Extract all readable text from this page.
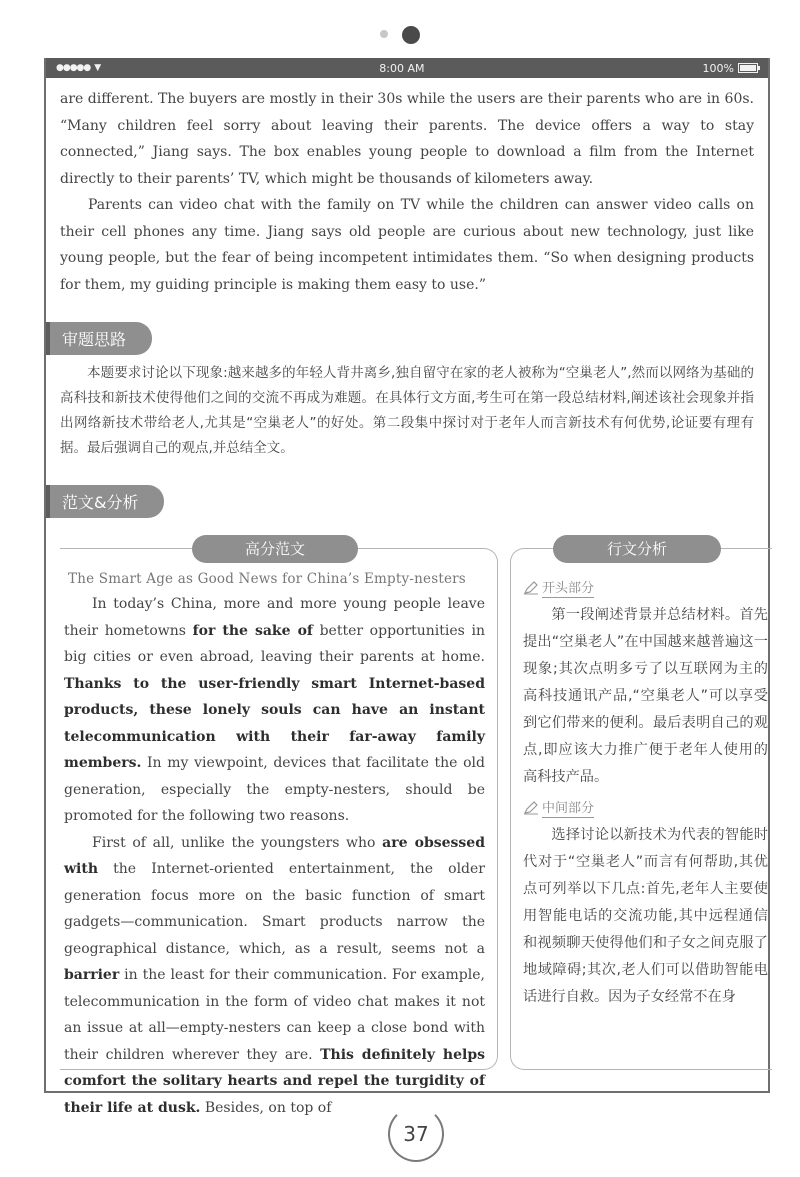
●●●●● ▼	8:00 AM	100%

are different. The buyers are mostly in their 30s while the users are their parents who are in 60s. “Many children feel sorry about leaving their parents. The device offers a way to stay connected,” Jiang says. The box enables young people to download a film from the Internet directly to their parents’ TV, which might be thousands of kilometers away.

Parents can video chat with the family on TV while the children can answer video calls on their cell phones any time. Jiang says old people are curious about new technology, just like young people, but the fear of being incompetent intimidates them. “So when designing products for them, my guiding principle is making them easy to use.”

审题思路

本题要求讨论以下现象:越来越多的年轻人背井离乡,独自留守在家的老人被称为“空巢老人”,然而以网络为基础的高科技和新技术使得他们之间的交流不再成为难题。在具体行文方面,考生可在第一段总结材料,阐述该社会现象并指出网络新技术带给老人,尤其是“空巢老人”的好处。第二段集中探讨对于老年人而言新技术有何优势,论证要有理有据。最后强调自己的观点,并总结全文。

范文&分析
高分范文
The Smart Age as Good News for China’s Empty-nesters

In today’s China, more and more young people leave their hometowns for the sake of better opportunities in big cities or even abroad, leaving their parents at home. Thanks to the user-friendly smart Internet-based products, these lonely souls can have an instant telecommunication with their far-away family members. In my viewpoint, devices that facilitate the old generation, especially the empty-nesters, should be promoted for the following two reasons.

First of all, unlike the youngsters who are obsessed with the Internet-oriented entertainment, the older generation focus more on the basic function of smart gadgets—communication. Smart products narrow the geographical distance, which, as a result, seems not a barrier in the least for their communication. For example, telecommunication in the form of video chat makes it not an issue at all—empty-nesters can keep a close bond with their children wherever they are. This definitely helps comfort the solitary hearts and repel the turgidity of their life at dusk. Besides, on top of

行文分析
开头部分

第一段阐述背景并总结材料。首先提出“空巢老人”在中国越来越普遍这一现象;其次点明多亏了以互联网为主的高科技通讯产品,“空巢老人”可以享受到它们带来的便利。最后表明自己的观点,即应该大力推广便于老年人使用的高科技产品。

中间部分

选择讨论以新技术为代表的智能时代对于“空巢老人”而言有何帮助,其优点可列举以下几点:首先,老年人主要使用智能电话的交流功能,其中远程通信和视频聊天使得他们和子女之间克服了地域障碍;其次,老人们可以借助智能电话进行自救。因为子女经常不在身

37
